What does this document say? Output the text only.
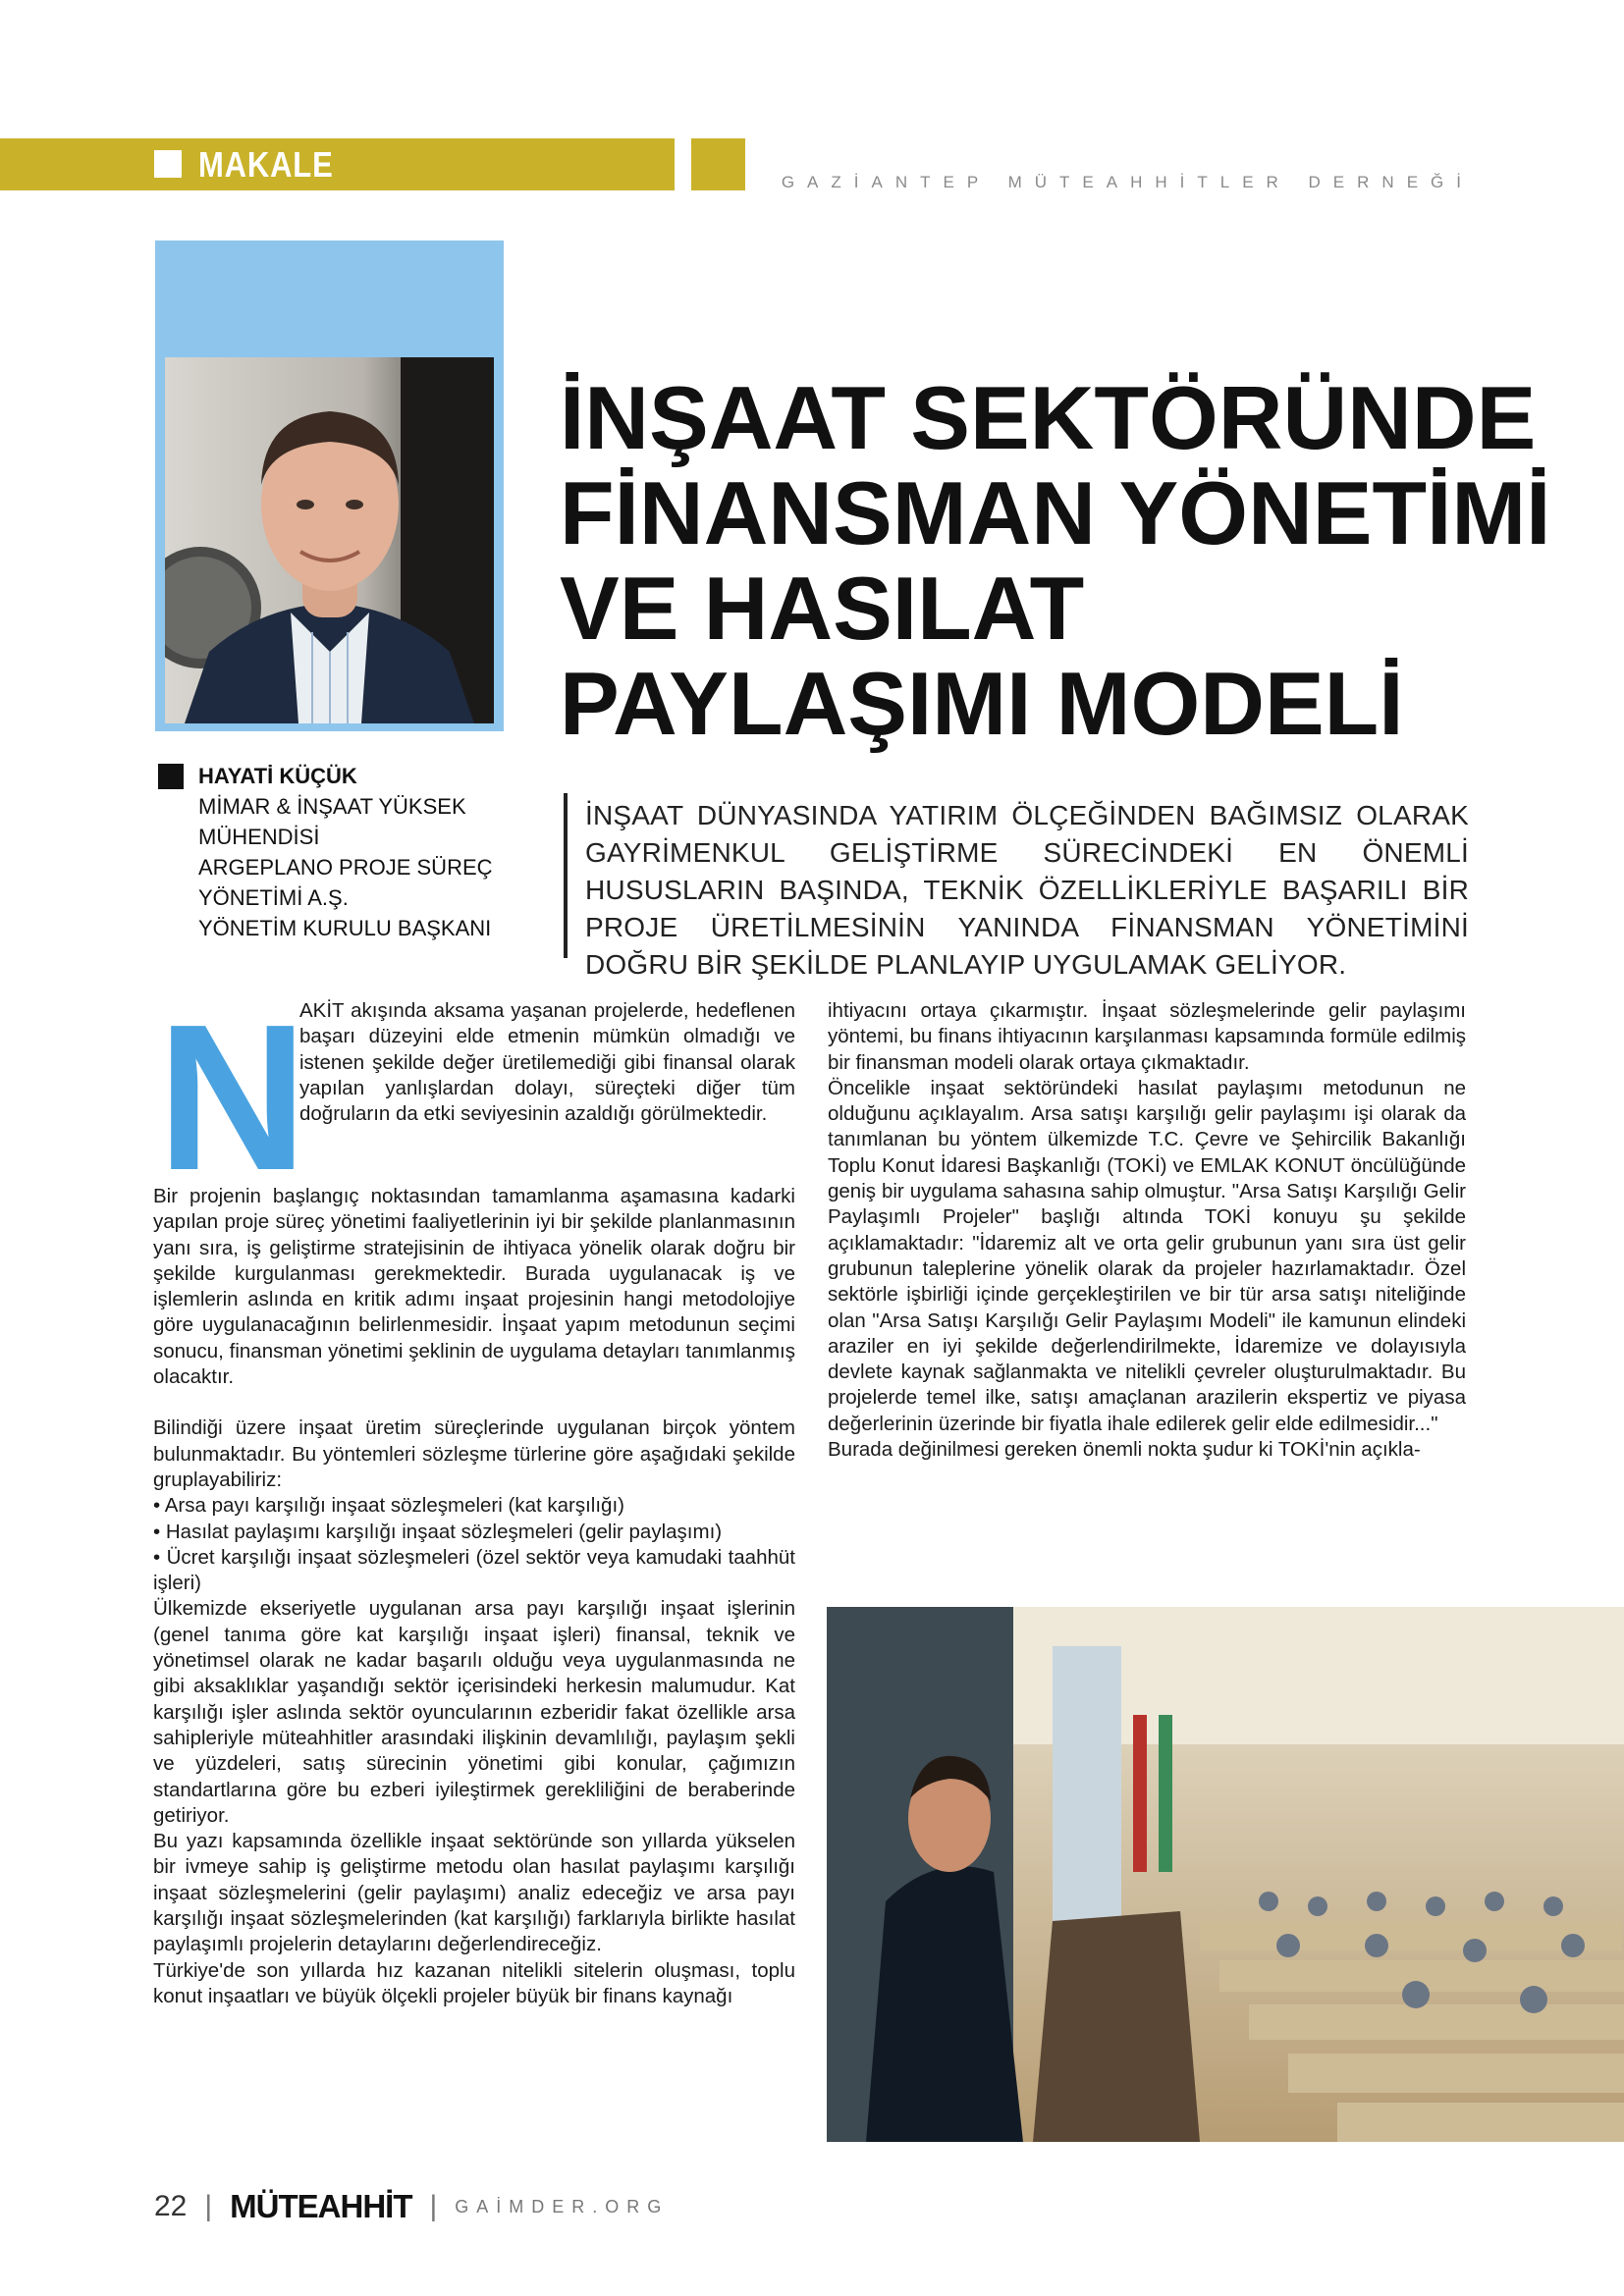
MAKALE	GAZİANTEP MÜTEAHHİTLER DERNEĞİ
İNŞAAT SEKTÖRÜNDE
FİNANSMAN YÖNETİMİ
VE HASILAT
PAYLAŞIMI MODELİ
HAYATİ KÜÇÜK
MİMAR & İNŞAAT YÜKSEK
MÜHENDİSİ
ARGEPLANO PROJE SÜREÇ
YÖNETİMİ A.Ş.
YÖNETİM KURULU BAŞKANI
İNŞAAT DÜNYASINDA YATIRIM ÖLÇEĞİNDEN BAĞIMSIZ OLARAK GAYRİMENKUL GELİŞTİRME SÜRECİNDEKİ EN ÖNEMLİ HUSUSLARIN BAŞINDA, TEKNİK ÖZELLİKLERİYLE BAŞARILI BİR PROJE ÜRETİLMESİNİN YANINDA FİNANSMAN YÖNETİMİNİ DOĞRU BİR ŞEKİLDE PLANLAYIP UYGULAMAK GELİYOR.
N

AKİT akışında aksama yaşanan projelerde, hedeflenen başarı düzeyini elde etmenin mümkün olmadığı ve istenen şekilde değer üretilemediği gibi finansal olarak yapılan yanlışlardan dolayı, süreçteki diğer tüm doğruların da etki seviyesinin azaldığı görülmektedir.

Bir projenin başlangıç noktasından tamamlanma aşamasına kadarki yapılan proje süreç yönetimi faaliyetlerinin iyi bir şekilde planlanmasının yanı sıra, iş geliştirme stratejisinin de ihtiyaca yönelik olarak doğru bir şekilde kurgulanması gerekmektedir. Burada uygulanacak iş ve işlemlerin aslında en kritik adımı inşaat projesinin hangi metodolojiye göre uygulanacağının belirlenmesidir. İnşaat yapım metodunun seçimi sonucu, finansman yönetimi şeklinin de uygulama detayları tanımlanmış olacaktır.

Bilindiği üzere inşaat üretim süreçlerinde uygulanan birçok yöntem bulunmaktadır. Bu yöntemleri sözleşme türlerine göre aşağıdaki şekilde gruplayabiliriz:

• Arsa payı karşılığı inşaat sözleşmeleri (kat karşılığı)

• Hasılat paylaşımı karşılığı inşaat sözleşmeleri (gelir paylaşımı)

• Ücret karşılığı inşaat sözleşmeleri (özel sektör veya kamudaki taahhüt işleri)

Ülkemizde ekseriyetle uygulanan arsa payı karşılığı inşaat işlerinin (genel tanıma göre kat karşılığı inşaat işleri) finansal, teknik ve yönetimsel olarak ne kadar başarılı olduğu veya uygulanmasında ne gibi aksaklıklar yaşandığı sektör içerisindeki herkesin malumudur. Kat karşılığı işler aslında sektör oyuncularının ezberidir fakat özellikle arsa sahipleriyle müteahhitler arasındaki ilişkinin devamlılığı, paylaşım şekli ve yüzdeleri, satış sürecinin yönetimi gibi konular, çağımızın standartlarına göre bu ezberi iyileştirmek gerekliliğini de beraberinde getiriyor.

Bu yazı kapsamında özellikle inşaat sektöründe son yıllarda yükselen bir ivmeye sahip iş geliştirme metodu olan hasılat paylaşımı karşılığı inşaat sözleşmelerini (gelir paylaşımı) analiz edeceğiz ve arsa payı karşılığı inşaat sözleşmelerinden (kat karşılığı) farklarıyla birlikte hasılat paylaşımlı projelerin detaylarını değerlendireceğiz.

Türkiye'de son yıllarda hız kazanan nitelikli sitelerin oluşması, toplu konut inşaatları ve büyük ölçekli projeler büyük bir finans kaynağı

ihtiyacını ortaya çıkarmıştır. İnşaat sözleşmelerinde gelir paylaşımı yöntemi, bu finans ihtiyacının karşılanması kapsamında formüle edilmiş bir finansman modeli olarak ortaya çıkmaktadır.

Öncelikle inşaat sektöründeki hasılat paylaşımı metodunun ne olduğunu açıklayalım. Arsa satışı karşılığı gelir paylaşımı işi olarak da tanımlanan bu yöntem ülkemizde T.C. Çevre ve Şehircilik Bakanlığı Toplu Konut İdaresi Başkanlığı (TOKİ) ve EMLAK KONUT öncülüğünde geniş bir uygulama sahasına sahip olmuştur. "Arsa Satışı Karşılığı Gelir Paylaşımlı Projeler" başlığı altında TOKİ konuyu şu şekilde açıklamaktadır: "İdaremiz alt ve orta gelir grubunun yanı sıra üst gelir grubunun taleplerine yönelik olarak da projeler hazırlamaktadır. Özel sektörle işbirliği içinde gerçekleştirilen ve bir tür arsa satışı niteliğinde olan "Arsa Satışı Karşılığı Gelir Paylaşımı Modeli" ile kamunun elindeki araziler en iyi şekilde değerlendirilmekte, İdaremize ve dolayısıyla devlete kaynak sağlanmakta ve nitelikli çevreler oluşturulmaktadır. Bu projelerde temel ilke, satışı amaçlanan arazilerin ekspertiz ve piyasa değerlerinin üzerinde bir fiyatla ihale edilerek gelir elde edilmesidir..."

Burada değinilmesi gereken önemli nokta şudur ki TOKİ'nin açıkla-

22 | MÜTEAHHİT | GAİMDER.ORG
